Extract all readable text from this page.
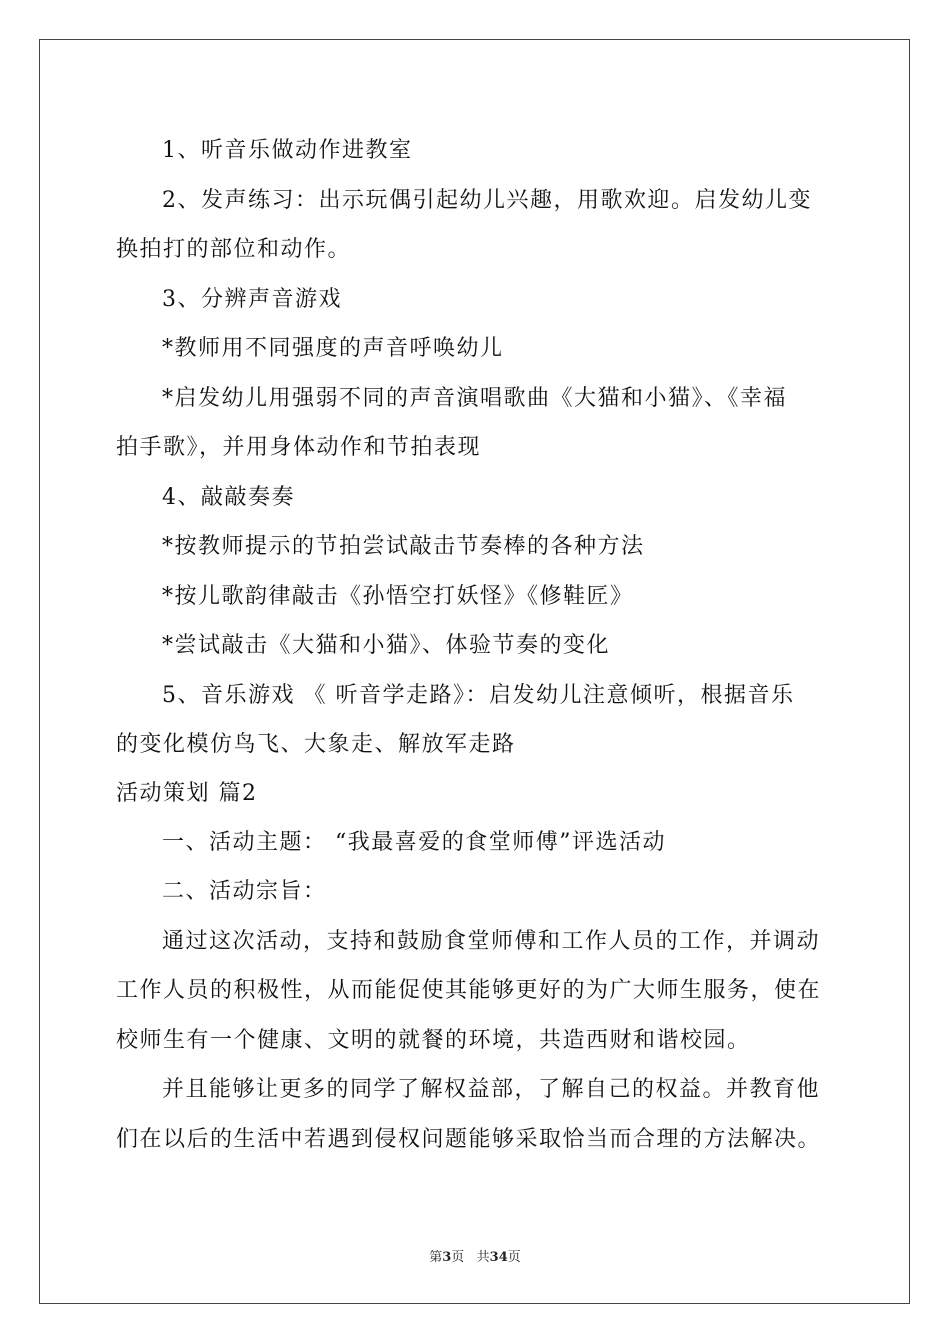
1、听音乐做动作进教室
2、发声练习：出示玩偶引起幼儿兴趣，用歌欢迎。启发幼儿变
换拍打的部位和动作。
3、分辨声音游戏
*教师用不同强度的声音呼唤幼儿
*启发幼儿用强弱不同的声音演唱歌曲《大猫和小猫》、《幸福
拍手歌》，并用身体动作和节拍表现
4、敲敲奏奏
*按教师提示的节拍尝试敲击节奏棒的各种方法
*按儿歌韵律敲击《孙悟空打妖怪》《修鞋匠》
*尝试敲击《大猫和小猫》、体验节奏的变化
5、音乐游戏 《 听音学走路》：启发幼儿注意倾听，根据音乐
的变化模仿鸟飞、大象走、解放军走路
活动策划 篇2
一、活动主题： “我最喜爱的食堂师傅”评选活动
二、活动宗旨：
通过这次活动，支持和鼓励食堂师傅和工作人员的工作，并调动
工作人员的积极性，从而能促使其能够更好的为广大师生服务，使在
校师生有一个健康、文明的就餐的环境，共造西财和谐校园。
并且能够让更多的同学了解权益部，了解自己的权益。并教育他
们在以后的生活中若遇到侵权问题能够采取恰当而合理的方法解决。
第3页   共34页
